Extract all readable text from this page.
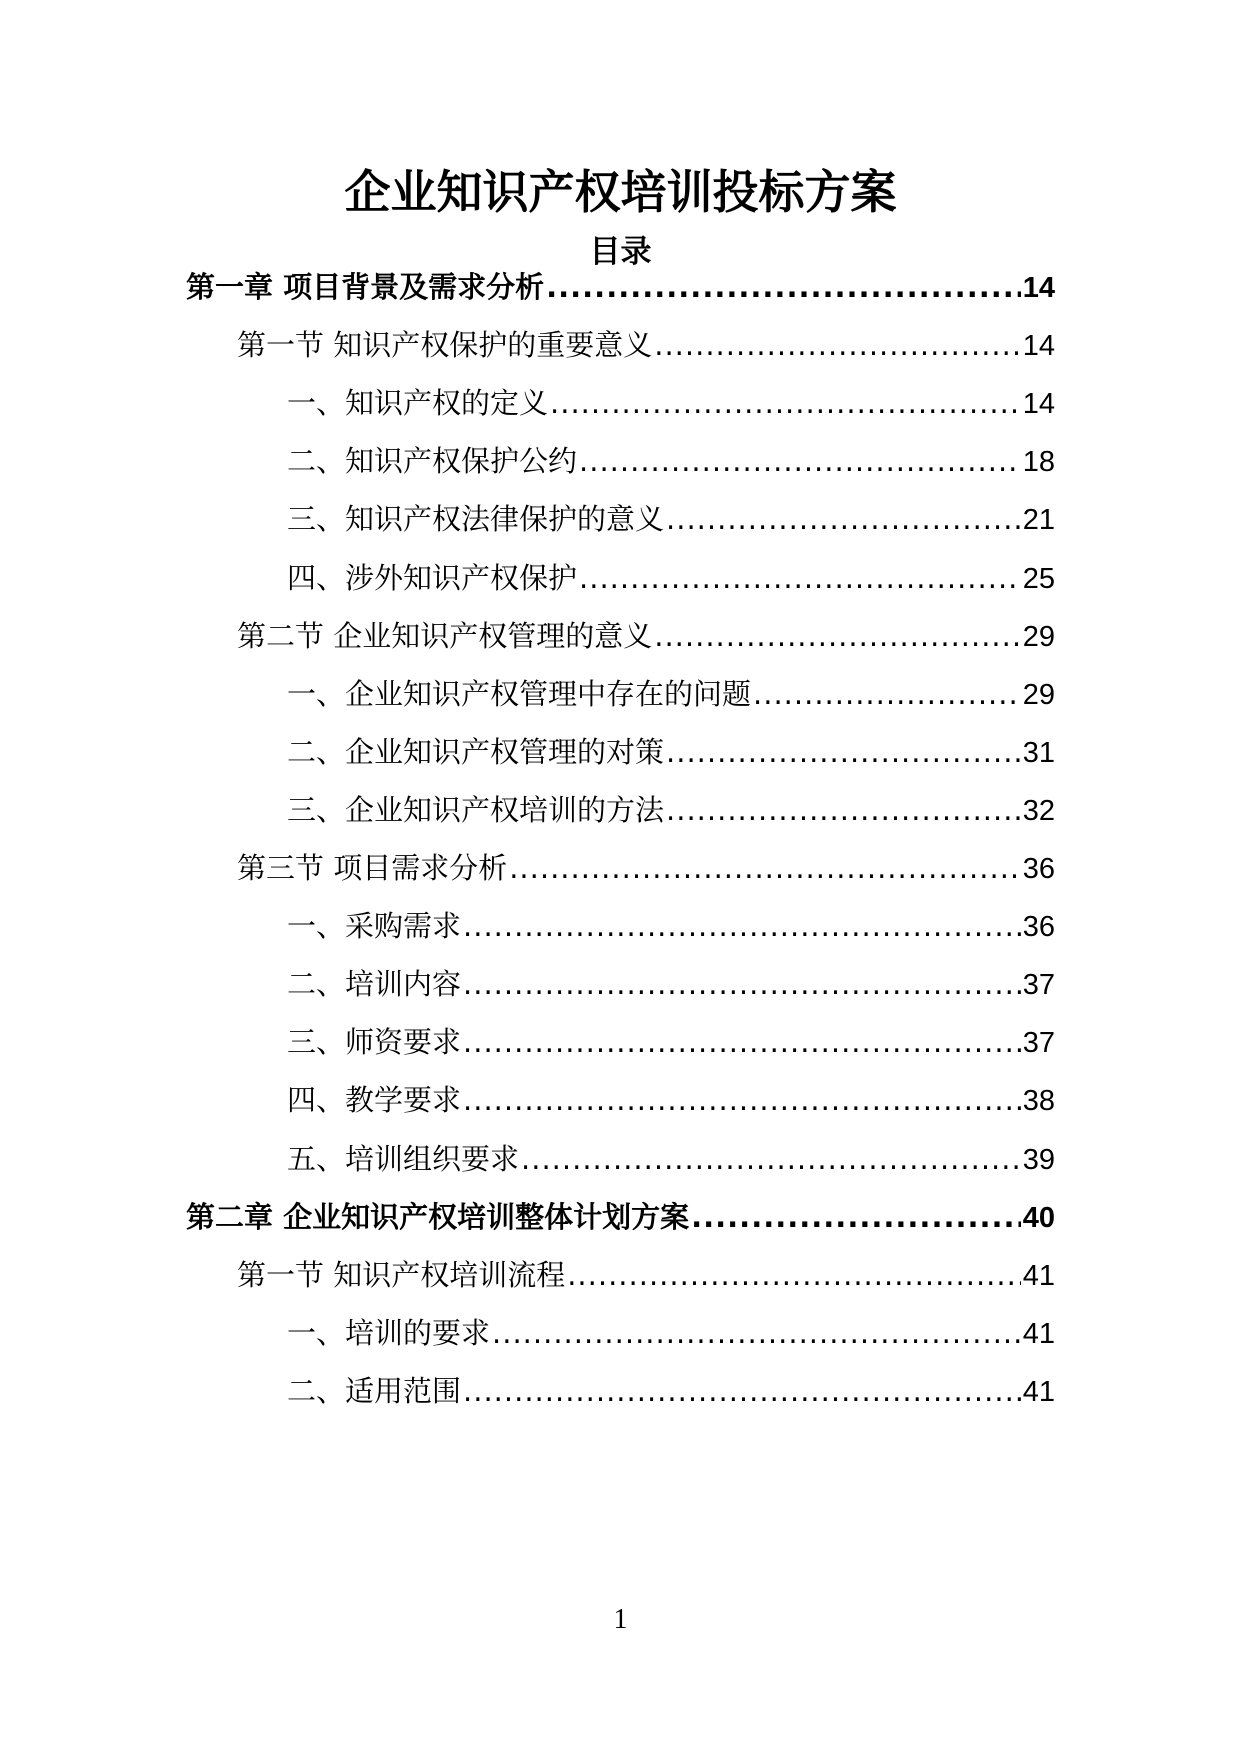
企业知识产权培训投标方案
目录
第一章 项目背景及需求分析 .....	14
第一节 知识产权保护的重要意义 .....	14
一、知识产权的定义 .....	14
二、知识产权保护公约 .....	18
三、知识产权法律保护的意义 .....	21
四、涉外知识产权保护 .....	25
第二节 企业知识产权管理的意义 .....	29
一、企业知识产权管理中存在的问题 .....	29
二、企业知识产权管理的对策 .....	31
三、企业知识产权培训的方法 .....	32
第三节 项目需求分析 .....	36
一、采购需求 .....	36
二、培训内容 .....	37
三、师资要求 .....	37
四、教学要求 .....	38
五、培训组织要求 .....	39
第二章 企业知识产权培训整体计划方案 .....	40
第一节 知识产权培训流程 .....	41
一、培训的要求 .....	41
二、适用范围 .....	41
1
